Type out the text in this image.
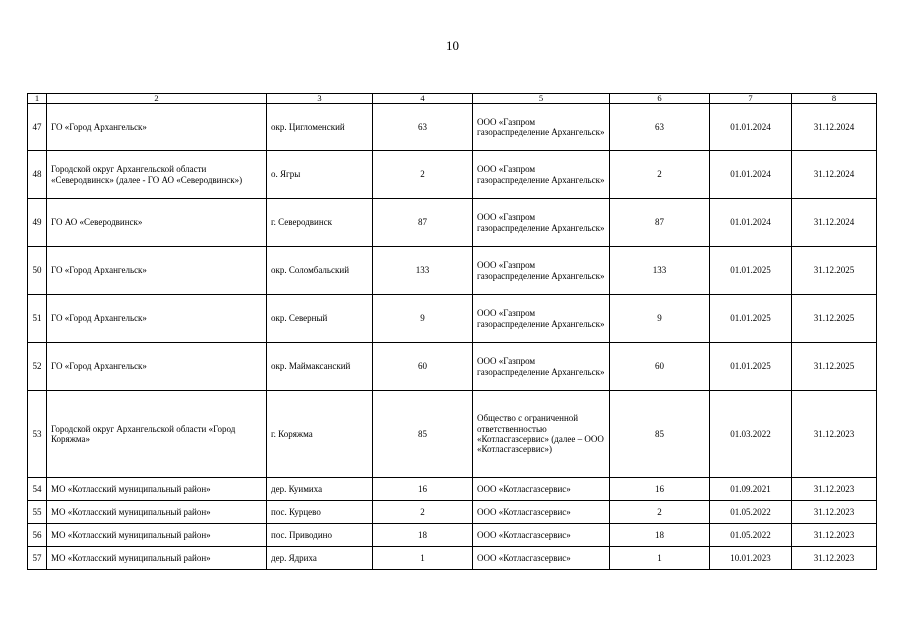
10
1	2	3	4	5	6	7	8
47	ГО «Город Архангельск»	окр. Цигломенский	63	ООО «Газпром газораспределение Архангельск»	63	01.01.2024	31.12.2024
48	Городской округ Архангельской области «Северодвинск» (далее - ГО АО «Северодвинск»)	о. Ягры	2	ООО «Газпром газораспределение Архангельск»	2	01.01.2024	31.12.2024
49	ГО АО «Северодвинск»	г. Северодвинск	87	ООО «Газпром газораспределение Архангельск»	87	01.01.2024	31.12.2024
50	ГО «Город Архангельск»	окр. Соломбальский	133	ООО «Газпром газораспределение Архангельск»	133	01.01.2025	31.12.2025
51	ГО «Город Архангельск»	окр. Северный	9	ООО «Газпром газораспределение Архангельск»	9	01.01.2025	31.12.2025
52	ГО «Город Архангельск»	окр. Маймаксанский	60	ООО «Газпром газораспределение Архангельск»	60	01.01.2025	31.12.2025
53	Городской округ Архангельской области «Город Коряжма»	г. Коряжма	85	Общество с ограниченной ответственностью «Котласгазсервис» (далее – ООО «Котласгазсервис»)	85	01.03.2022	31.12.2023
54	МО «Котласский муниципальный район»	дер. Куимиха	16	ООО «Котласгазсервис»	16	01.09.2021	31.12.2023
55	МО «Котласский муниципальный район»	пос. Курцево	2	ООО «Котласгазсервис»	2	01.05.2022	31.12.2023
56	МО «Котласский муниципальный район»	пос. Приводино	18	ООО «Котласгазсервис»	18	01.05.2022	31.12.2023
57	МО «Котласский муниципальный район»	дер. Ядриха	1	ООО «Котласгазсервис»	1	10.01.2023	31.12.2023
